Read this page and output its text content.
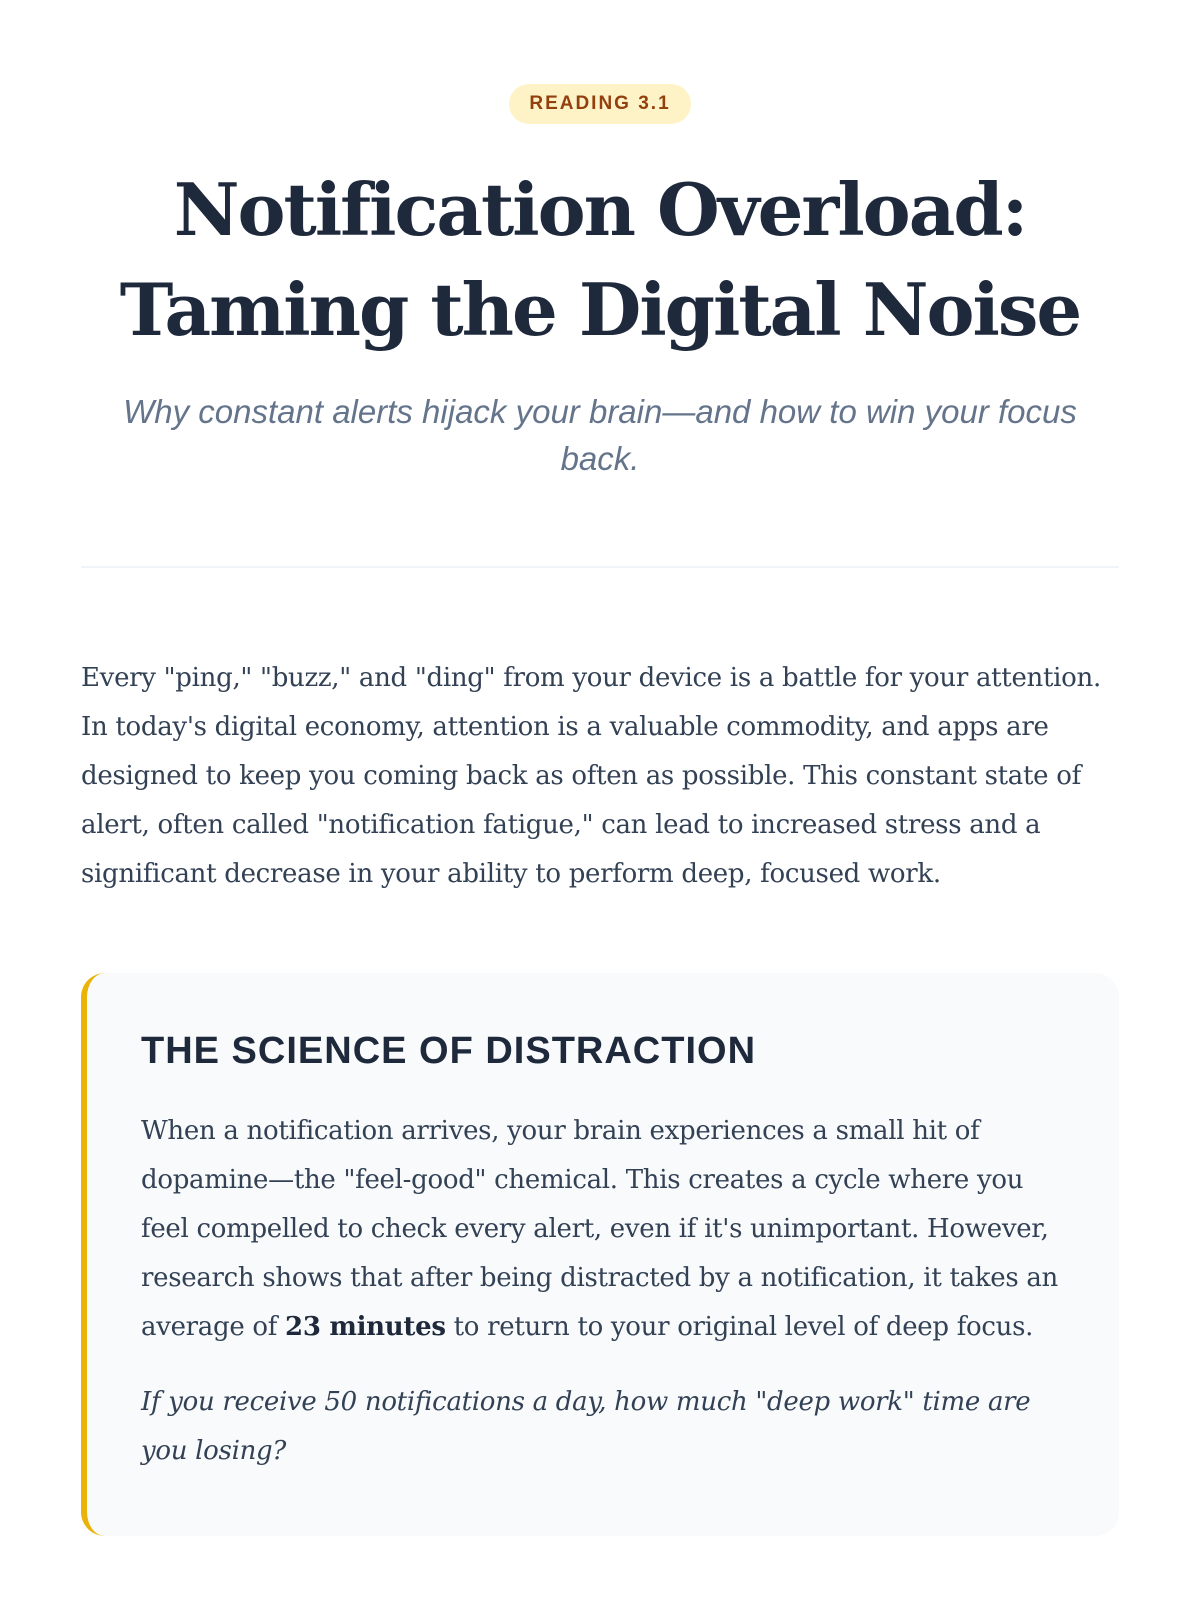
READING 3.1
Notification Overload:
Taming the Digital Noise

Why constant alerts hijack your brain—and how to win your focus back.

Every "ping," "buzz," and "ding" from your device is a battle for your attention. In today's digital economy, attention is a valuable commodity, and apps are designed to keep you coming back as often as possible. This constant state of alert, often called "notification fatigue," can lead to increased stress and a significant decrease in your ability to perform deep, focused work.

THE SCIENCE OF DISTRACTION

When a notification arrives, your brain experiences a small hit of dopamine—the "feel-good" chemical. This creates a cycle where you feel compelled to check every alert, even if it's unimportant. However, research shows that after being distracted by a notification, it takes an average of 23 minutes to return to your original level of deep focus.

If you receive 50 notifications a day, how much "deep work" time are you losing?
